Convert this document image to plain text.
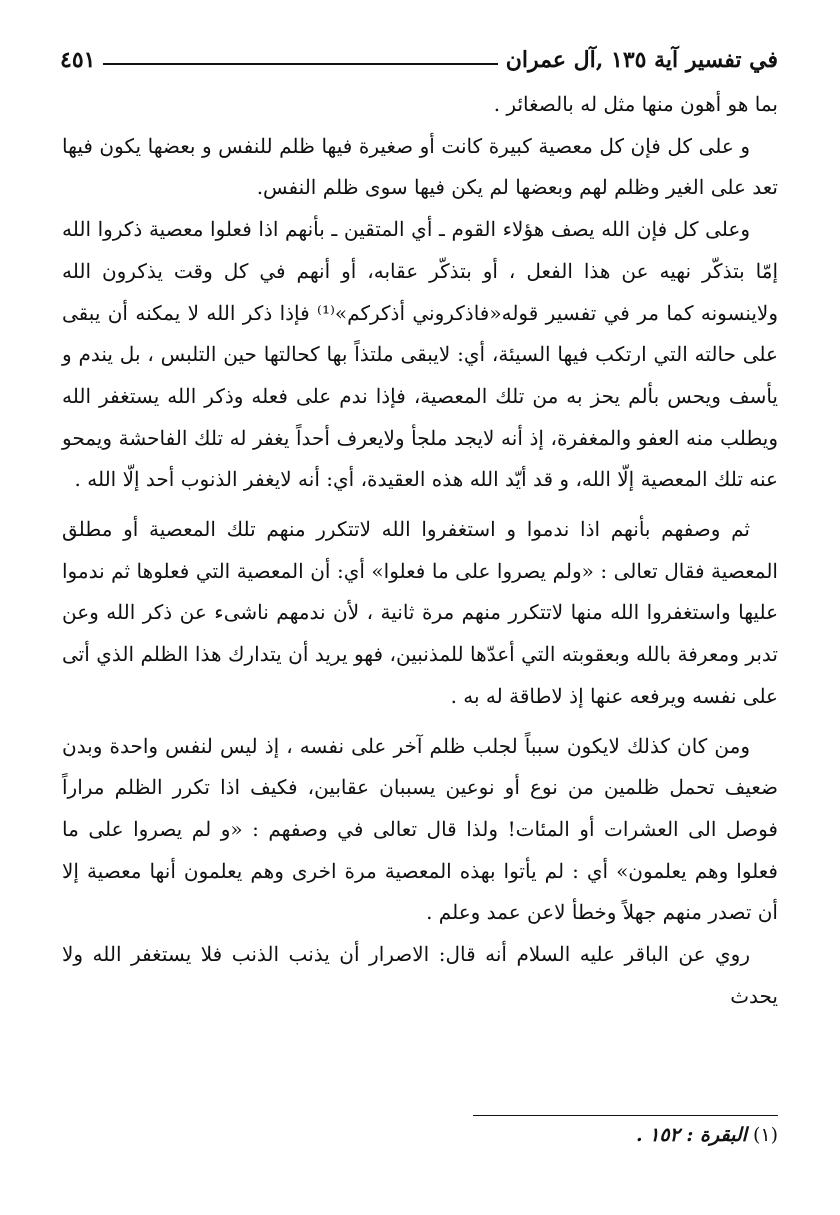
في تفسير آية ١٣٥ ,آل عمران
٤٥١

بما هو أهون منها مثل له بالصغائر .

و على كل فإن كل معصية كبيرة كانت أو صغيرة فيها ظلم للنفس و بعضها يكون فيها تعد على الغير وظلم لهم وبعضها لم يكن فيها سوى ظلم النفس.

وعلى كل فإن الله يصف هؤلاء القوم ـ أي المتقين ـ بأنهم اذا فعلوا معصية ذكروا الله إمّا بتذكّر نهيه عن هذا الفعل ، أو بتذكّر عقابه، أو أنهم في كل وقت يذكرون الله ولاينسونه كما مر في تفسير قوله«فاذكروني أذكركم»⁽¹⁾ فإذا ذكر الله لا يمكنه أن يبقى على حالته التي ارتكب فيها السيئة، أي: لايبقى ملتذاً بها كحالتها حين التلبس ، بل يندم و يأسف ويحس بألم يحز به من تلك المعصية، فإذا ندم على فعله وذكر الله يستغفر الله ويطلب منه العفو والمغفرة، إذ أنه لايجد ملجأ ولايعرف أحداً يغفر له تلك الفاحشة ويمحو عنه تلك المعصية إلّا الله، و قد أيّد الله هذه العقيدة، أي: أنه لايغفر الذنوب أحد إلّا الله .

ثم وصفهم بأنهم اذا ندموا و استغفروا الله لاتتكرر منهم تلك المعصية أو مطلق المعصية فقال تعالى : «ولم يصروا على ما فعلوا» أي: أن المعصية التي فعلوها ثم ندموا عليها واستغفروا الله منها لاتتكرر منهم مرة ثانية ، لأن ندمهم ناشىء عن ذكر الله وعن تدبر ومعرفة بالله وبعقوبته التي أعدّها للمذنبين، فهو يريد أن يتدارك هذا الظلم الذي أتى على نفسه ويرفعه عنها إذ لاطاقة له به .

ومن كان كذلك لايكون سبباً لجلب ظلم آخر على نفسه ، إذ ليس لنفس واحدة وبدن ضعيف تحمل ظلمين من نوع أو نوعين يسببان عقابين، فكيف اذا تكرر الظلم مراراً فوصل الى العشرات أو المئات! ولذا قال تعالى في وصفهم : «و لم يصروا على ما فعلوا وهم يعلمون» أي : لم يأتوا بهذه المعصية مرة اخرى وهم يعلمون أنها معصية إلا أن تصدر منهم جهلاً وخطأ لاعن عمد وعلم .

روي عن الباقر عليه السلام أنه قال: الاصرار أن يذنب الذنب فلا يستغفر الله ولا يحدث

(١) البقرة : ١٥٢ .
